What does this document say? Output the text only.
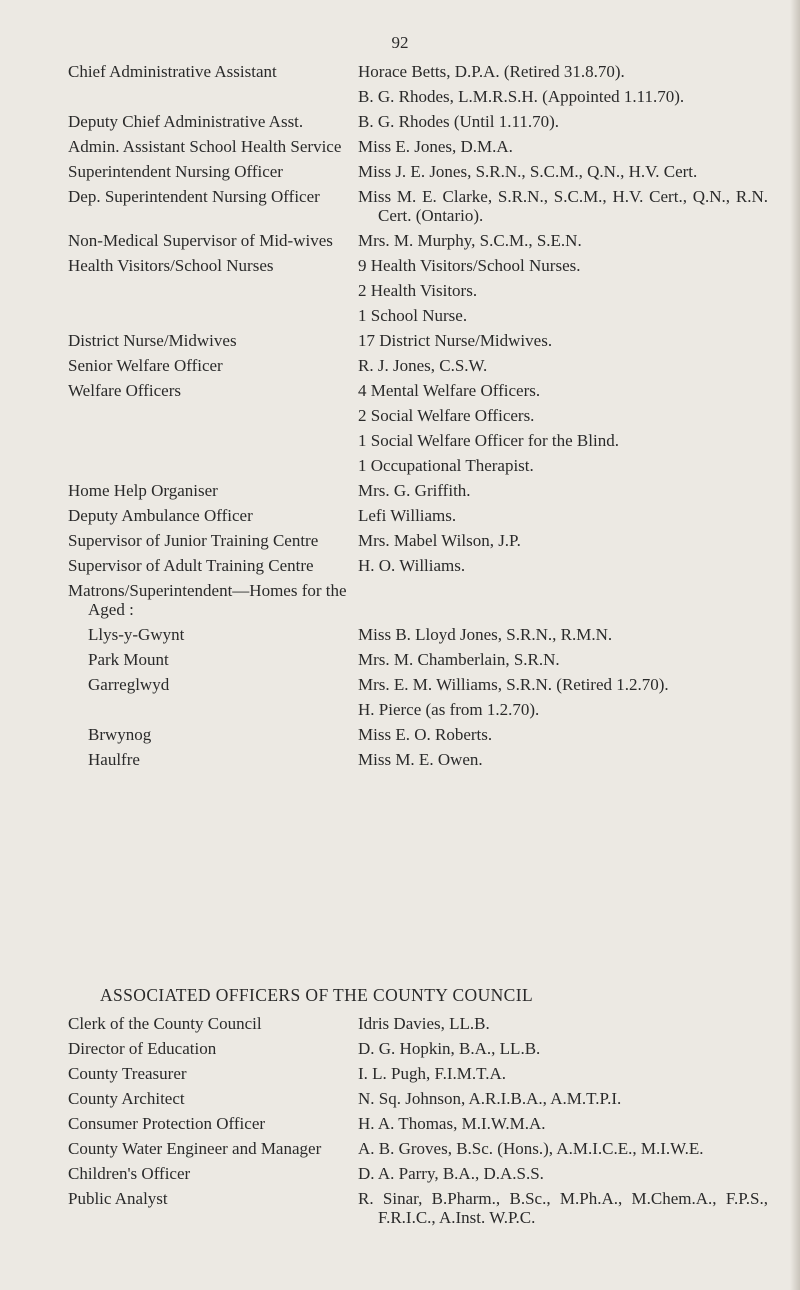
92
Chief Administrative Assistant	Horace Betts, D.P.A. (Retired 31.8.70).
B. G. Rhodes, L.M.R.S.H. (Appointed 1.11.70).
Deputy Chief Administrative Asst.	B. G. Rhodes (Until 1.11.70).
Admin. Assistant School Health Service Miss E. Jones, D.M.A.
Superintendent Nursing Officer	Miss J. E. Jones, S.R.N., S.C.M., Q.N., H.V. Cert.
Dep. Superintendent Nursing Officer	Miss M. E. Clarke, S.R.N., S.C.M., H.V. Cert., Q.N., R.N. Cert. (Ontario).
Non-Medical Supervisor of Mid-wives	Mrs. M. Murphy, S.C.M., S.E.N.
Health Visitors/School Nurses	9 Health Visitors/School Nurses.
2 Health Visitors.
1 School Nurse.
District Nurse/Midwives	17 District Nurse/Midwives.
Senior Welfare Officer	R. J. Jones, C.S.W.
Welfare Officers	4 Mental Welfare Officers.
2 Social Welfare Officers.
1 Social Welfare Officer for the Blind.
1 Occupational Therapist.
Home Help Organiser	Mrs. G. Griffith.
Deputy Ambulance Officer	Lefi Williams.
Supervisor of Junior Training Centre	Mrs. Mabel Wilson, J.P.
Supervisor of Adult Training Centre	H. O. Williams.
Matrons/Superintendent—Homes for the Aged :
Llys-y-Gwynt	Miss B. Lloyd Jones, S.R.N., R.M.N.
Park Mount	Mrs. M. Chamberlain, S.R.N.
Garreglwyd	Mrs. E. M. Williams, S.R.N. (Retired 1.2.70).
H. Pierce (as from 1.2.70).
Brwynog	Miss E. O. Roberts.
Haulfre	Miss M. E. Owen.
ASSOCIATED OFFICERS OF THE COUNTY COUNCIL
Clerk of the County Council	Idris Davies, LL.B.
Director of Education	D. G. Hopkin, B.A., LL.B.
County Treasurer	I. L. Pugh, F.I.M.T.A.
County Architect	N. Sq. Johnson, A.R.I.B.A., A.M.T.P.I.
Consumer Protection Officer	H. A. Thomas, M.I.W.M.A.
County Water Engineer and Manager	A. B. Groves, B.Sc. (Hons.), A.M.I.C.E., M.I.W.E.
Children's Officer	D. A. Parry, B.A., D.A.S.S.
Public Analyst	R. Sinar, B.Pharm., B.Sc., M.Ph.A., M.Chem.A., F.P.S., F.R.I.C., A.Inst. W.P.C.
